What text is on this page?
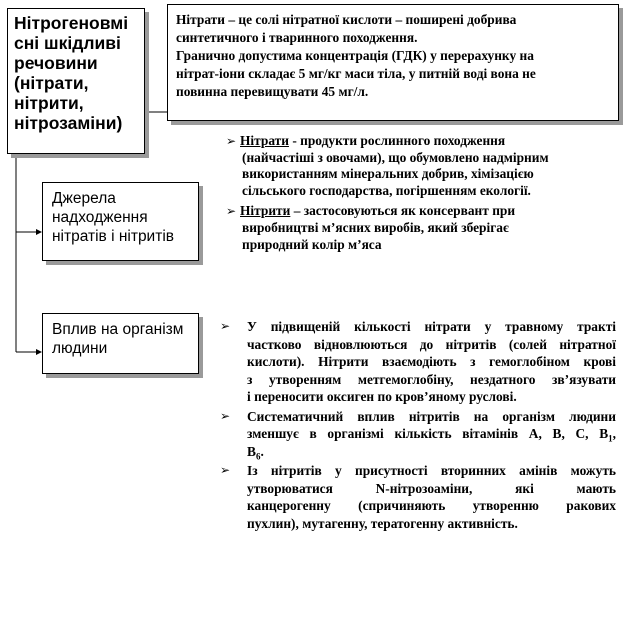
Нітрогеновмі
сні шкідливі
речовини
(нітрати,
нітрити,
нітрозаміни)
Нітрати – це солі нітратної кислоти – поширені добрива
синтетичного і тваринного походження.
Гранично допустима концентрація (ГДК) у перерахунку на
нітрат-іони складає 5 мг/кг маси тіла, у питній воді вона не
повинна перевищувати 45 мг/л.
Джерела
надходження
нітратів і нітритів
Вплив на організм
людини
➢ Нітрати - продукти рослинного походження
(найчастіші з овочами), що обумовлено надмірним
використанням мінеральних добрив, хімізацією
сільського господарства, погіршенням екології.
➢ Нітрити – застосовуються як консервант при
виробництві м’ясних виробів, який зберігає
природний колір м’яса
➢ У підвищеній кількості нітрати у травному тракті
частково відновлюються до нітритів (солей нітратної
кислоти). Нітрити взаємодіють з гемоглобіном крові
з утворенням метгемоглобіну, нездатного зв’язувати
і переносити оксиген по кров’яному руслові.
➢ Систематичний вплив нітритів на організм людини
зменшує в організмі кількість вітамінів A, B, C, $B_1$,
$B_6$.
➢ Із нітритів у присутності вторинних амінів можуть
утворюватися N-нітрозоаміни, які мають
канцерогенну (спричиняють утворенню ракових
пухлин), мутагенну, тератогенну активність.
